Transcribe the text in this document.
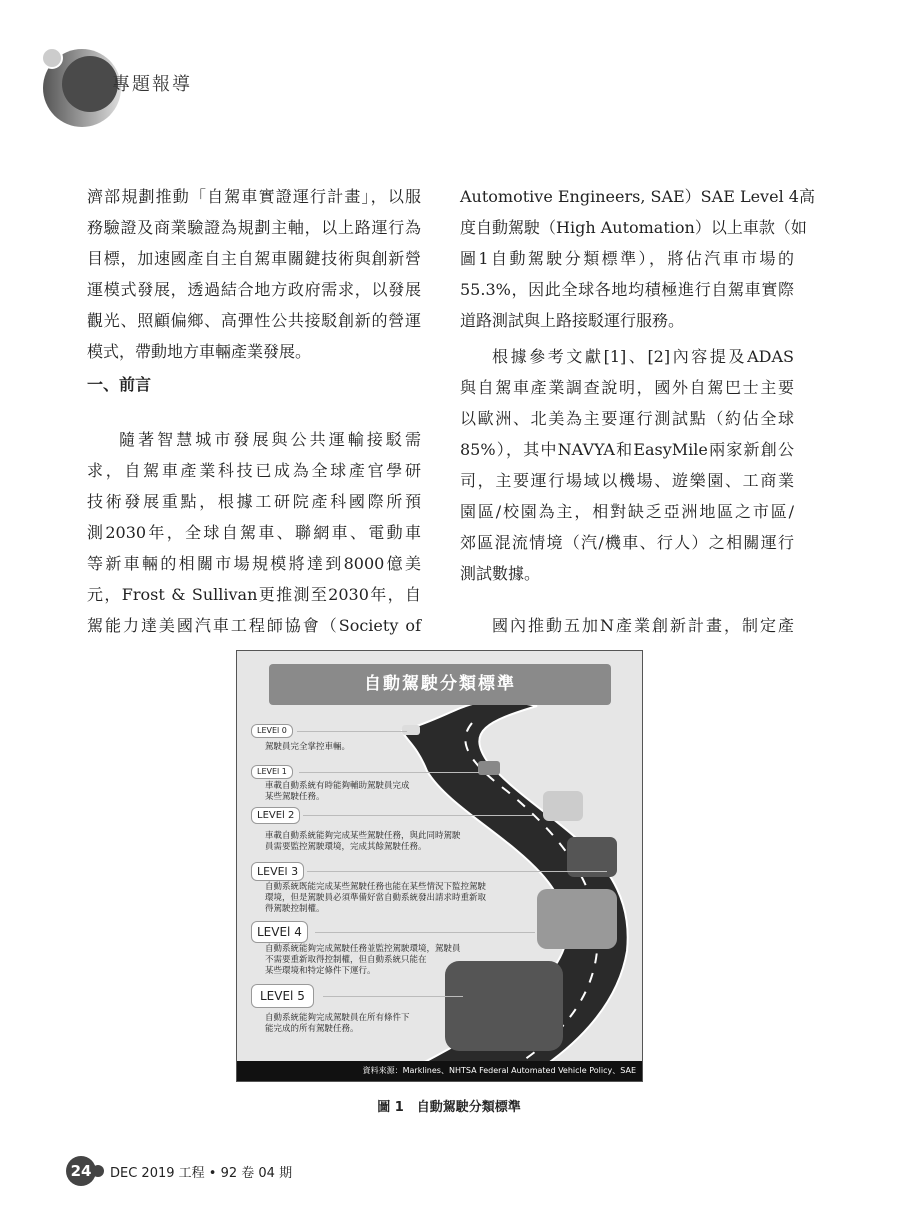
專題報導
濟部規劃推動「自駕車實證運行計畫」，以服
務驗證及商業驗證為規劃主軸，以上路運行為
目標，加速國產自主自駕車關鍵技術與創新營
運模式發展，透過結合地方政府需求，以發展
觀光、照顧偏鄉、高彈性公共接駁創新的營運
模式，帶動地方車輛產業發展。
一、前言
隨著智慧城市發展與公共運輸接駁需
求，自駕車產業科技已成為全球產官學研
技術發展重點，根據工研院產科國際所預
測2030年，全球自駕車、聯網車、電動車
等新車輛的相關市場規模將達到8000億美
元，Frost & Sullivan更推測至2030年，自
駕能力達美國汽車工程師協會（Society of
Automotive Engineers, SAE）SAE Level 4高
度自動駕駛（High Automation）以上車款（如
圖1自動駕駛分類標準），將佔汽車市場的
55.3%，因此全球各地均積極進行自駕車實際
道路測試與上路接駁運行服務。
根據參考文獻[1]、[2]內容提及ADAS
與自駕車產業調查說明，國外自駕巴士主要
以歐洲、北美為主要運行測試點（約佔全球
85%），其中NAVYA和EasyMile兩家新創公
司，主要運行場域以機場、遊樂園、工商業
園區/校園為主，相對缺乏亞洲地區之市區/
郊區混流情境（汽/機車、行人）之相關運行
測試數據。
國內推動五加N產業創新計畫，制定產
自動駕駛分類標準
LEVEl 0
駕駛員完全掌控車輛。
LEVEl 1
車載自動系統有時能夠輔助駕駛員完成
某些駕駛任務。
LEVEl 2
車載自動系統能夠完成某些駕駛任務，與此同時駕駛
員需要監控駕駛環境，完成其餘駕駛任務。
LEVEl 3
自動系統既能完成某些駕駛任務也能在某些情況下監控駕駛
環境，但是駕駛員必須準備好當自動系統發出請求時重新取
得駕駛控制權。
LEVEl 4
自動系統能夠完成駕駛任務並監控駕駛環境，駕駛員
不需要重新取得控制權，但自動系統只能在
某些環境和特定條件下運行。
LEVEl 5
自動系統能夠完成駕駛員在所有條件下
能完成的所有駕駛任務。
資料來源：Marklines、NHTSA Federal Automated Vehicle Policy、SAE
圖 1　自動駕駛分類標準
24	DEC 2019 工程 • 92 卷 04 期
